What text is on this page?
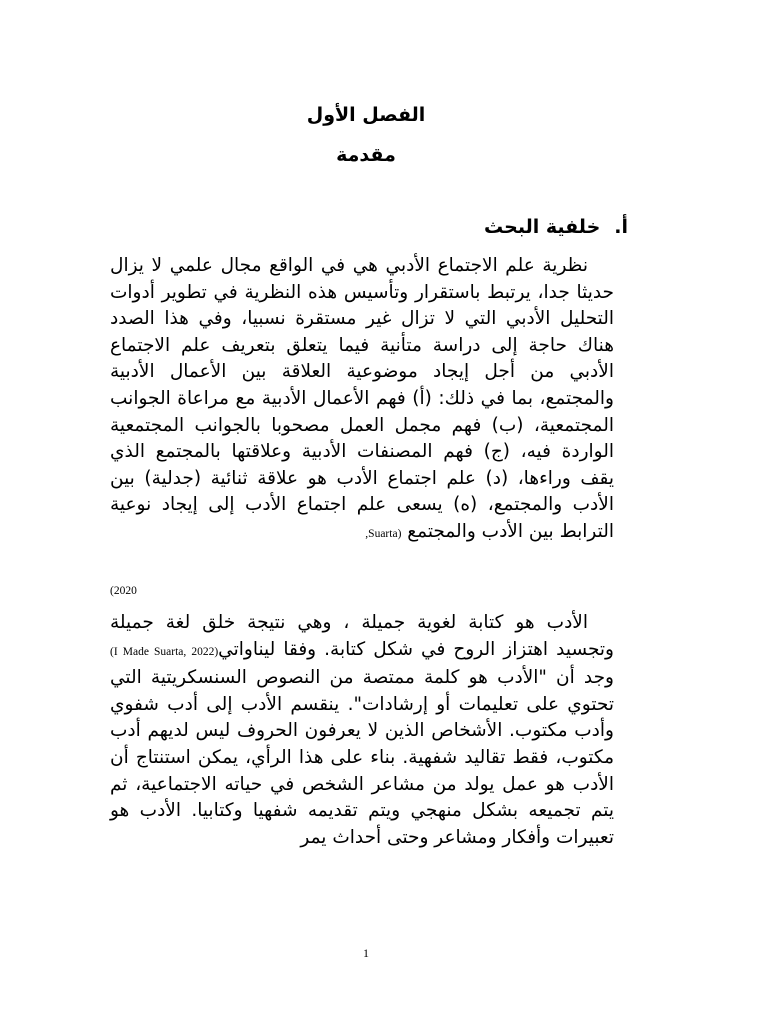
الفصل الأول
مقدمة
أ.خلفية البحث

نظرية علم الاجتماع الأدبي هي في الواقع مجال علمي لا يزال حديثا جدا، يرتبط باستقرار وتأسيس هذه النظرية في تطوير أدوات التحليل الأدبي التي لا تزال غير مستقرة نسبيا، وفي هذا الصدد هناك حاجة إلى دراسة متأنية فيما يتعلق بتعريف علم الاجتماع الأدبي من أجل إيجاد موضوعية العلاقة بين الأعمال الأدبية والمجتمع، بما في ذلك: (أ) فهم الأعمال الأدبية مع مراعاة الجوانب المجتمعية، (ب) فهم مجمل العمل مصحوبا بالجوانب المجتمعية الواردة فيه، (ج) فهم المصنفات الأدبية وعلاقتها بالمجتمع الذي يقف وراءها، (د) علم اجتماع الأدب هو علاقة ثنائية (جدلية) بين الأدب والمجتمع، (ه) يسعى علم اجتماع الأدب إلى إيجاد نوعية الترابط بين الأدب والمجتمع (Suarta,

2020)

الأدب هو كتابة لغوية جميلة ، وهي نتيجة خلق لغة جميلة وتجسيد اهتزاز الروح في شكل كتابة. وفقا ليناواتي(I Made Suarta, 2022) وجد أن "الأدب هو كلمة ممتصة من النصوص السنسكريتية التي تحتوي على تعليمات أو إرشادات". ينقسم الأدب إلى أدب شفوي وأدب مكتوب. الأشخاص الذين لا يعرفون الحروف ليس لديهم أدب مكتوب، فقط تقاليد شفهية. بناء على هذا الرأي، يمكن استنتاج أن الأدب هو عمل يولد من مشاعر الشخص في حياته الاجتماعية، ثم يتم تجميعه بشكل منهجي ويتم تقديمه شفهيا وكتابيا. الأدب هو تعبيرات وأفكار ومشاعر وحتى أحداث يمر

1
